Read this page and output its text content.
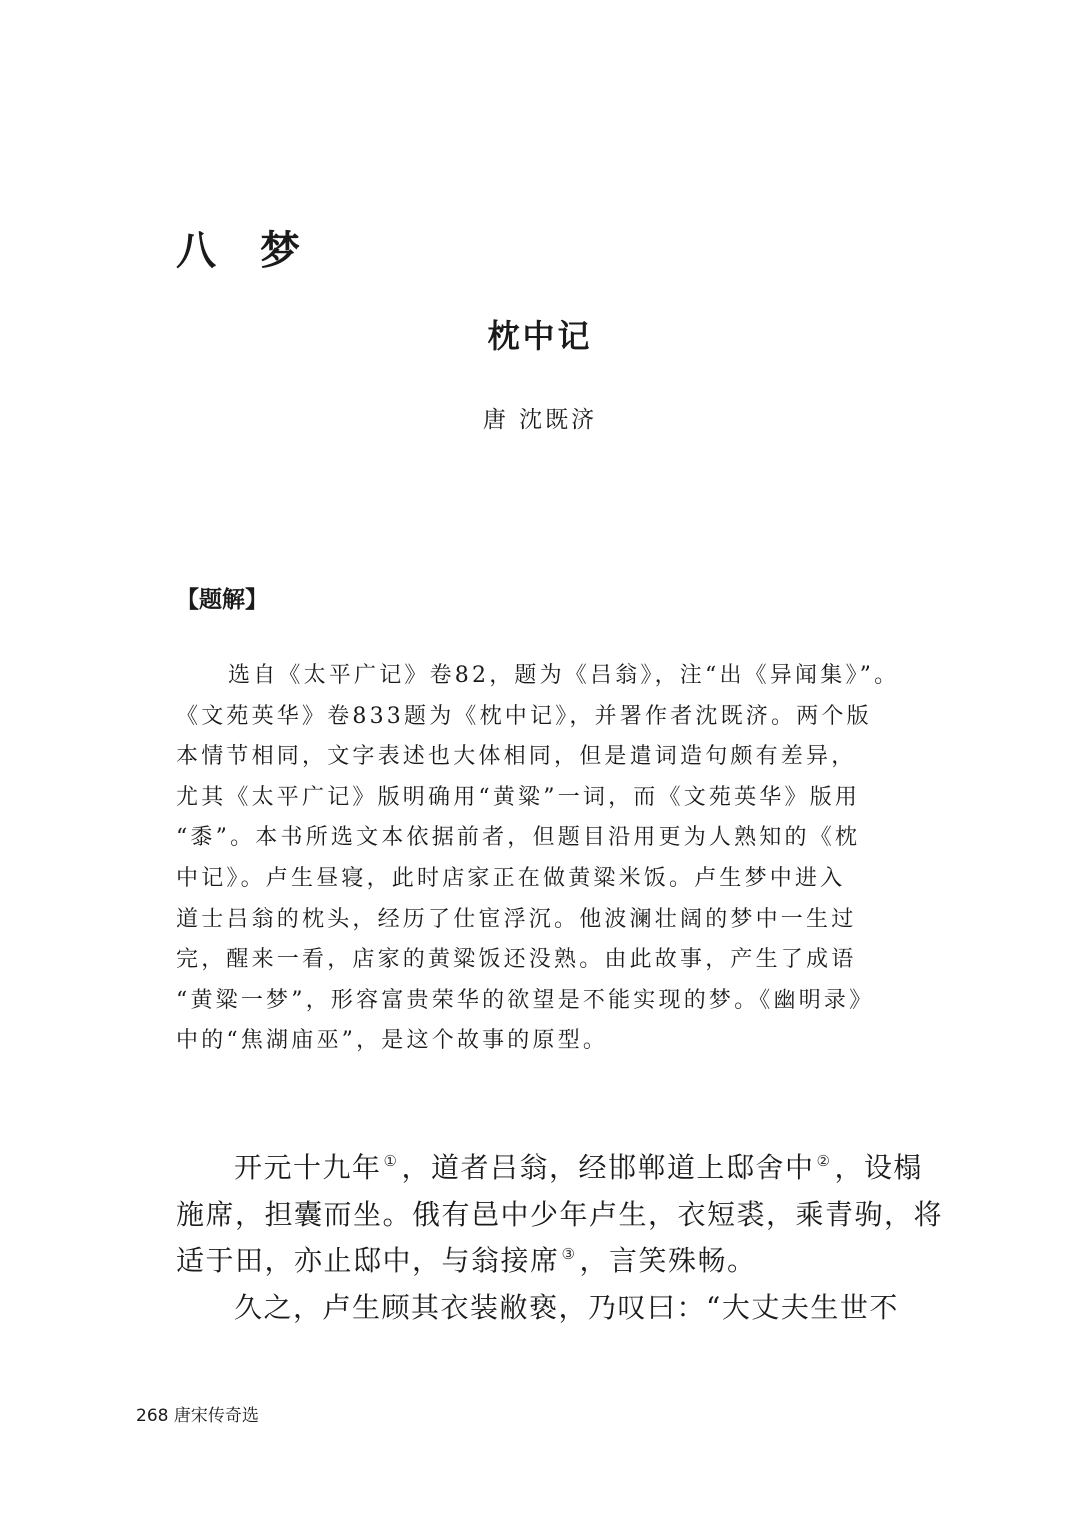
八梦
枕中记

唐 沈既济

【题解】
选自《太平广记》卷82，题为《吕翁》，注“出《异闻集》”。
《文苑英华》卷833题为《枕中记》，并署作者沈既济。两个版
本情节相同，文字表述也大体相同，但是遣词造句颇有差异，
尤其《太平广记》版明确用“黄粱”一词，而《文苑英华》版用
“黍”。本书所选文本依据前者，但题目沿用更为人熟知的《枕
中记》。卢生昼寝，此时店家正在做黄粱米饭。卢生梦中进入
道士吕翁的枕头，经历了仕宦浮沉。他波澜壮阔的梦中一生过
完，醒来一看，店家的黄粱饭还没熟。由此故事，产生了成语
“黄粱一梦”，形容富贵荣华的欲望是不能实现的梦。《幽明录》
中的“焦湖庙巫”，是这个故事的原型。
开元十九年 ① ，道者吕翁，经邯郸道上邸舍中 ② ，设榻
施席，担囊而坐。俄有邑中少年卢生，衣短裘，乘青驹，将
适于田，亦止邸中，与翁接席 ③ ，言笑殊畅。
久之，卢生顾其衣装敝亵，乃叹曰：“大丈夫生世不

268 唐宋传奇选
